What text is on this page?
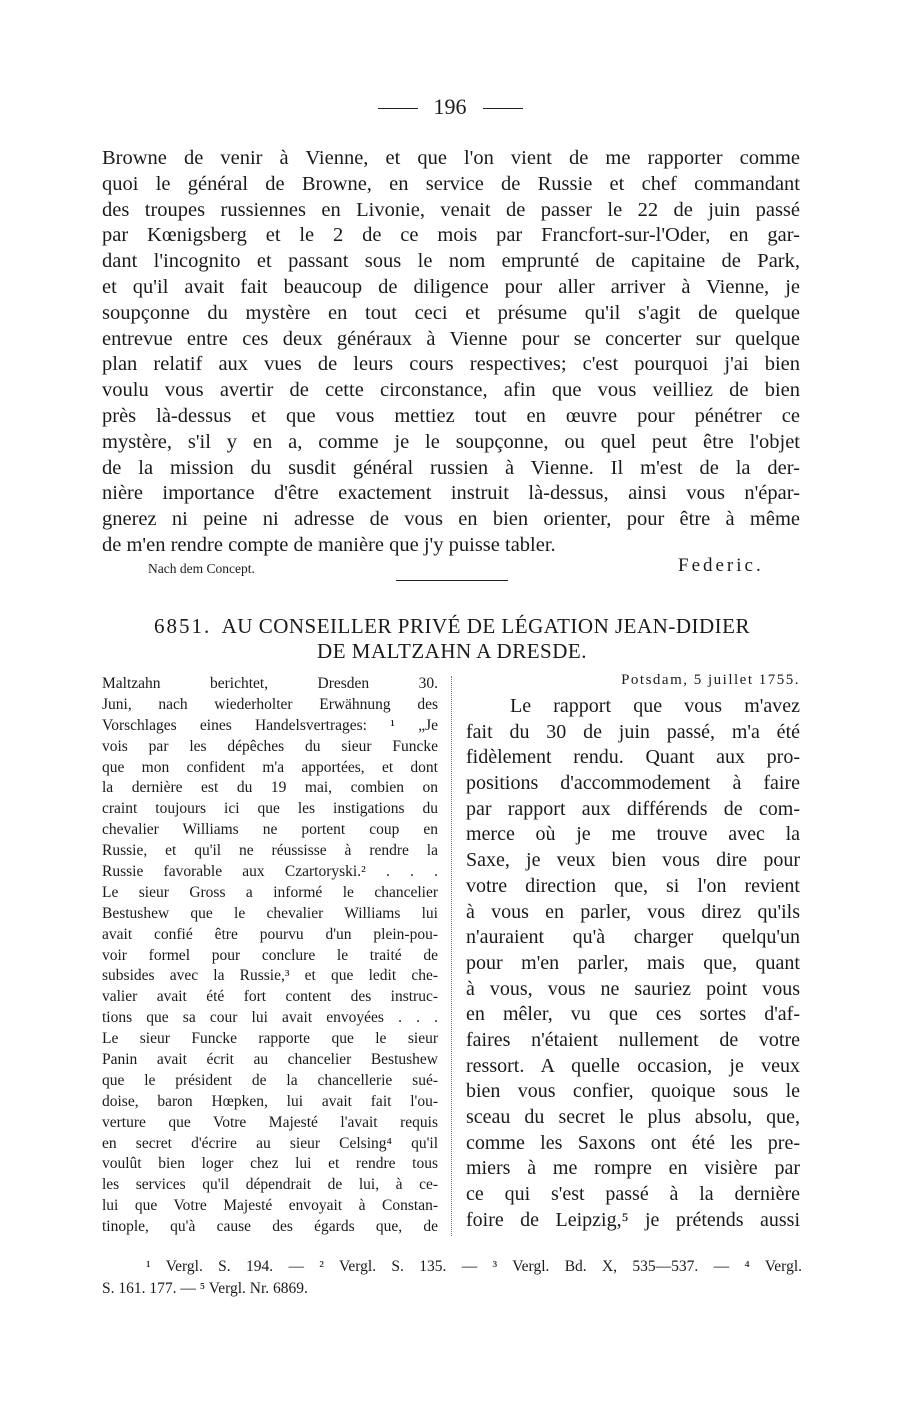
196
Browne de venir à Vienne, et que l'on vient de me rapporter comme
quoi le général de Browne, en service de Russie et chef commandant
des troupes russiennes en Livonie, venait de passer le 22 de juin passé
par Kœnigsberg et le 2 de ce mois par Francfort-sur-l'Oder, en gar-
dant l'incognito et passant sous le nom emprunté de capitaine de Park,
et qu'il avait fait beaucoup de diligence pour aller arriver à Vienne, je
soupçonne du mystère en tout ceci et présume qu'il s'agit de quelque
entrevue entre ces deux généraux à Vienne pour se concerter sur quelque
plan relatif aux vues de leurs cours respectives; c'est pourquoi j'ai bien
voulu vous avertir de cette circonstance, afin que vous veilliez de bien
près là-dessus et que vous mettiez tout en œuvre pour pénétrer ce
mystère, s'il y en a, comme je le soupçonne, ou quel peut être l'objet
de la mission du susdit général russien à Vienne. Il m'est de la der-
nière importance d'être exactement instruit là-dessus, ainsi vous n'épar-
gnerez ni peine ni adresse de vous en bien orienter, pour être à même
de m'en rendre compte de manière que j'y puisse tabler.
Nach dem Concept.	Federic.
6851. AU CONSEILLER PRIVÉ DE LÉGATION JEAN-DIDIER
DE MALTZAHN A DRESDE.
Maltzahn berichtet, Dresden 30.
Juni, nach wiederholter Erwähnung des
Vorschlages eines Handelsvertrages: ¹ „Je
vois par les dépêches du sieur Funcke
que mon confident m'a apportées, et dont
la dernière est du 19 mai, combien on
craint toujours ici que les instigations du
chevalier Williams ne portent coup en
Russie, et qu'il ne réussisse à rendre la
Russie favorable aux Czartoryski.² . . .
Le sieur Gross a informé le chancelier
Bestushew que le chevalier Williams lui
avait confié être pourvu d'un plein-pou-
voir formel pour conclure le traité de
subsides avec la Russie,³ et que ledit che-
valier avait été fort content des instruc-
tions que sa cour lui avait envoyées . . .
Le sieur Funcke rapporte que le sieur
Panin avait écrit au chancelier Bestushew
que le président de la chancellerie sué-
doise, baron Hœpken, lui avait fait l'ou-
verture que Votre Majesté l'avait requis
en secret d'écrire au sieur Celsing⁴ qu'il
voulût bien loger chez lui et rendre tous
les services qu'il dépendrait de lui, à ce-
lui que Votre Majesté envoyait à Constan-
tinople, qu'à cause des égards que, de
Potsdam, 5 juillet 1755.
Le rapport que vous m'avez
fait du 30 de juin passé, m'a été
fidèlement rendu. Quant aux pro-
positions d'accommodement à faire
par rapport aux différends de com-
merce où je me trouve avec la
Saxe, je veux bien vous dire pour
votre direction que, si l'on revient
à vous en parler, vous direz qu'ils
n'auraient qu'à charger quelqu'un
pour m'en parler, mais que, quant
à vous, vous ne sauriez point vous
en mêler, vu que ces sortes d'af-
faires n'étaient nullement de votre
ressort. A quelle occasion, je veux
bien vous confier, quoique sous le
sceau du secret le plus absolu, que,
comme les Saxons ont été les pre-
miers à me rompre en visière par
ce qui s'est passé à la dernière
foire de Leipzig,⁵ je prétends aussi
¹ Vergl. S. 194. — ² Vergl. S. 135. — ³ Vergl. Bd. X, 535—537. — ⁴ Vergl.
S. 161. 177. — ⁵ Vergl. Nr. 6869.
